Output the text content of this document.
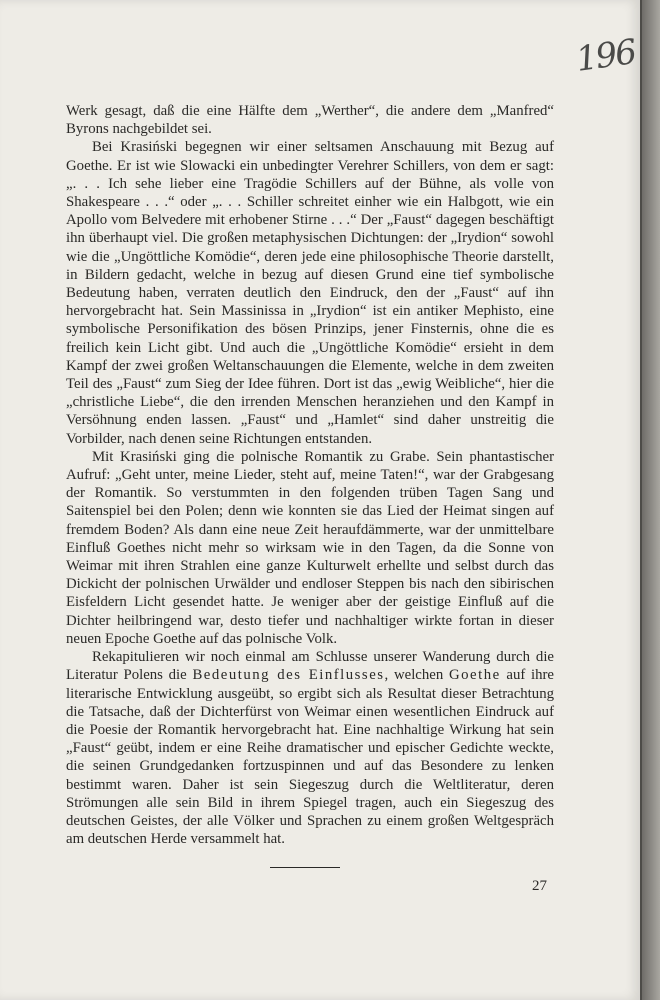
196

Werk gesagt, daß die eine Hälfte dem „Werther“, die andere dem „Manfred“ Byrons nachgebildet sei.

Bei Krasiński begegnen wir einer seltsamen Anschauung mit Bezug auf Goethe. Er ist wie Slowacki ein unbedingter Verehrer Schillers, von dem er sagt: „. . . Ich sehe lieber eine Tragödie Schillers auf der Bühne, als volle von Shakespeare . . .“ oder „. . . Schiller schreitet einher wie ein Halbgott, wie ein Apollo vom Belvedere mit erhobener Stirne . . .“ Der „Faust“ dagegen beschäftigt ihn überhaupt viel. Die großen metaphysischen Dichtungen: der „Irydion“ sowohl wie die „Ungöttliche Komödie“, deren jede eine philosophische Theorie darstellt, in Bildern gedacht, welche in bezug auf diesen Grund eine tief symbolische Bedeutung haben, verraten deutlich den Eindruck, den der „Faust“ auf ihn hervorgebracht hat. Sein Massinissa in „Irydion“ ist ein antiker Mephisto, eine symbolische Personifikation des bösen Prinzips, jener Finsternis, ohne die es freilich kein Licht gibt. Und auch die „Ungöttliche Komödie“ ersieht in dem Kampf der zwei großen Weltanschauungen die Elemente, welche in dem zweiten Teil des „Faust“ zum Sieg der Idee führen. Dort ist das „ewig Weibliche“, hier die „christliche Liebe“, die den irrenden Menschen heranziehen und den Kampf in Versöhnung enden lassen. „Faust“ und „Hamlet“ sind daher unstreitig die Vorbilder, nach denen seine Richtungen entstanden.

Mit Krasiński ging die polnische Romantik zu Grabe. Sein phantastischer Aufruf: „Geht unter, meine Lieder, steht auf, meine Taten!“, war der Grabgesang der Romantik. So verstummten in den folgenden trüben Tagen Sang und Saitenspiel bei den Polen; denn wie konnten sie das Lied der Heimat singen auf fremdem Boden? Als dann eine neue Zeit heraufdämmerte, war der unmittelbare Einfluß Goethes nicht mehr so wirksam wie in den Tagen, da die Sonne von Weimar mit ihren Strahlen eine ganze Kulturwelt erhellte und selbst durch das Dickicht der polnischen Urwälder und endloser Steppen bis nach den sibirischen Eisfeldern Licht gesendet hatte. Je weniger aber der geistige Einfluß auf die Dichter heilbringend war, desto tiefer und nachhaltiger wirkte fortan in dieser neuen Epoche Goethe auf das polnische Volk.

Rekapitulieren wir noch einmal am Schlusse unserer Wanderung durch die Literatur Polens die Bedeutung des Einflusses, welchen Goethe auf ihre literarische Entwicklung ausgeübt, so ergibt sich als Resultat dieser Betrachtung die Tatsache, daß der Dichterfürst von Weimar einen wesentlichen Eindruck auf die Poesie der Romantik hervorgebracht hat. Eine nachhaltige Wirkung hat sein „Faust“ geübt, indem er eine Reihe dramatischer und epischer Gedichte weckte, die seinen Grundgedanken fortzuspinnen und auf das Besondere zu lenken bestimmt waren. Daher ist sein Siegeszug durch die Weltliteratur, deren Strömungen alle sein Bild in ihrem Spiegel tragen, auch ein Siegeszug des deutschen Geistes, der alle Völker und Sprachen zu einem großen Weltgespräch am deutschen Herde versammelt hat.

27
